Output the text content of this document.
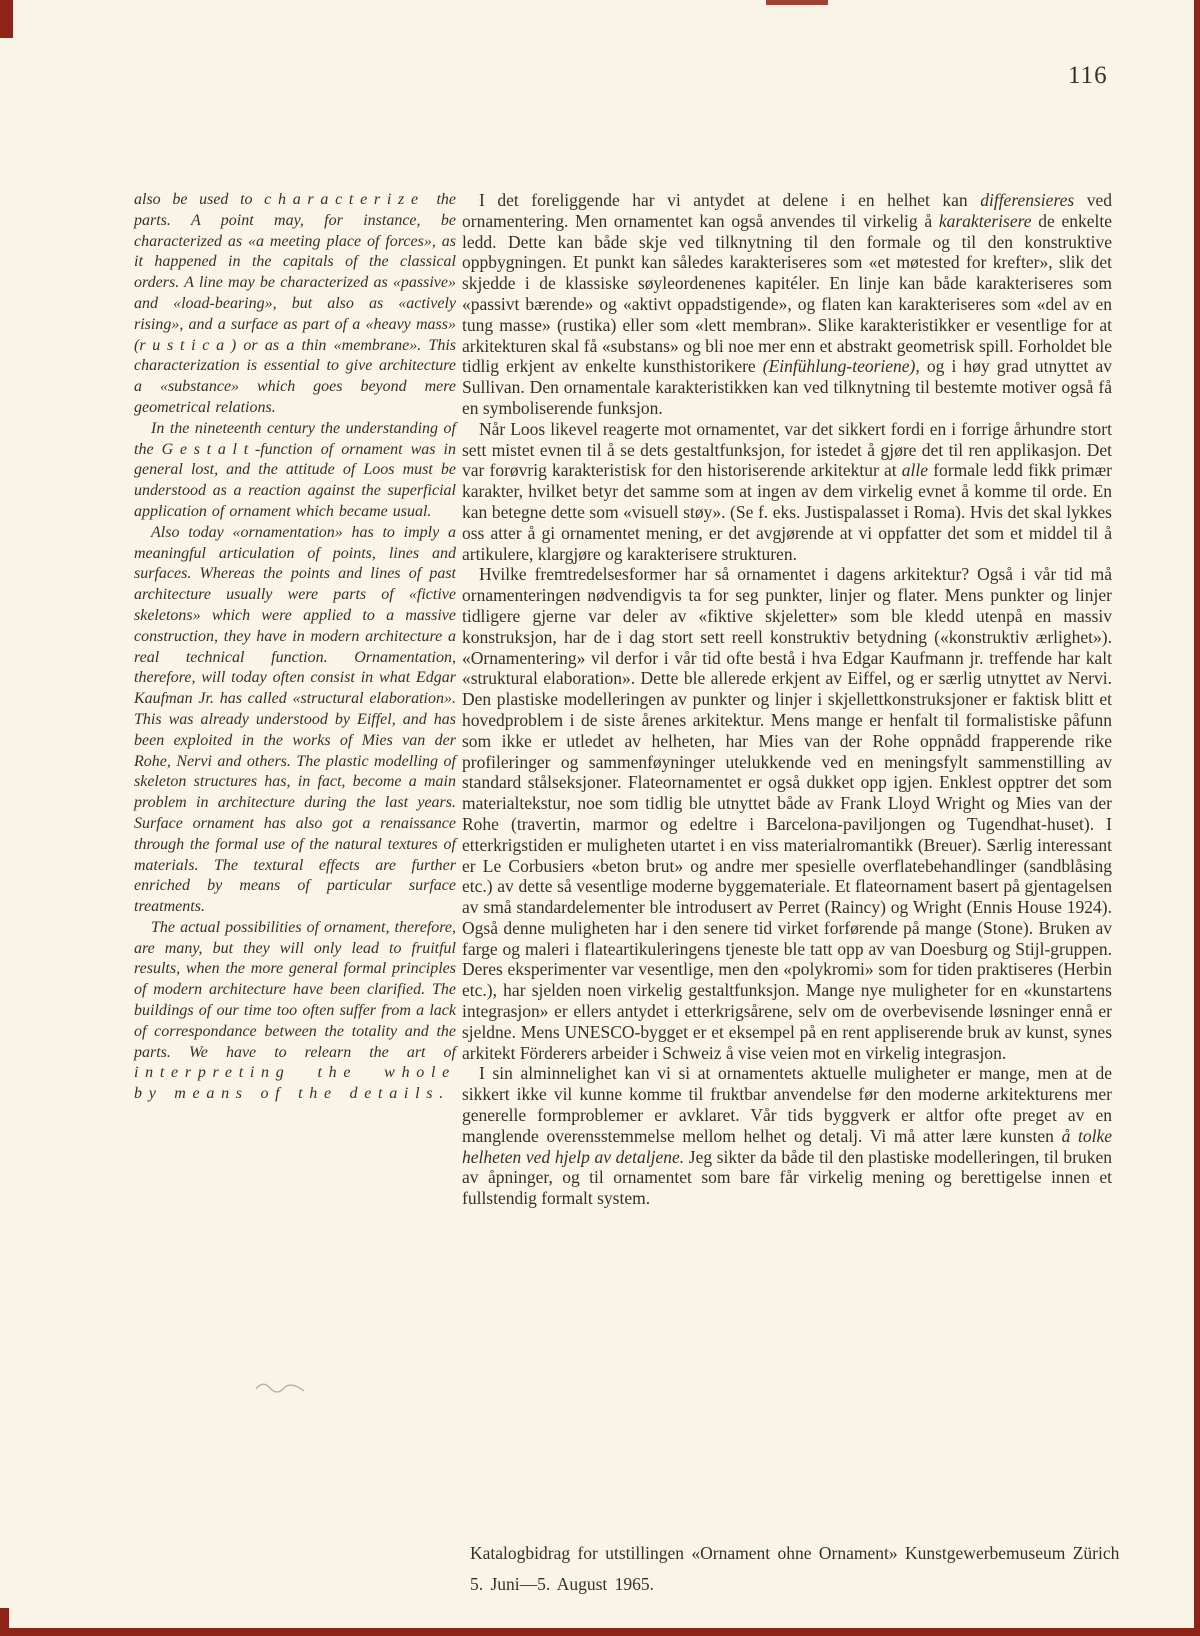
116

also be used to characterize the parts. A point may, for instance, be characterized as «a meeting place of forces», as it happened in the capitals of the classical orders. A line may be characterized as «passive» and «load-bearing», but also as «actively rising», and a surface as part of a «heavy mass» (rustica) or as a thin «membrane». This characterization is essential to give architecture a «substance» which goes beyond mere geometrical relations.

In the nineteenth century the understanding of the Gestalt-function of ornament was in general lost, and the attitude of Loos must be understood as a reaction against the superficial application of ornament which became usual.

Also today «ornamentation» has to imply a meaningful articulation of points, lines and surfaces. Whereas the points and lines of past architecture usually were parts of «fictive skeletons» which were applied to a massive construction, they have in modern architecture a real technical function. Ornamentation, therefore, will today often consist in what Edgar Kaufman Jr. has called «structural elaboration». This was already understood by Eiffel, and has been exploited in the works of Mies van der Rohe, Nervi and others. The plastic modelling of skeleton structures has, in fact, become a main problem in architecture during the last years. Surface ornament has also got a renaissance through the formal use of the natural textures of materials. The textural effects are further enriched by means of particular surface treatments.

The actual possibilities of ornament, therefore, are many, but they will only lead to fruitful results, when the more general formal principles of modern architecture have been clarified. The buildings of our time too often suffer from a lack of correspondance between the totality and the parts. We have to relearn the art of interpreting the whole by means of the details.

I det foreliggende har vi antydet at delene i en helhet kan differensieres ved ornamentering. Men ornamentet kan også anvendes til virkelig å karakterisere de enkelte ledd. Dette kan både skje ved tilknytning til den formale og til den konstruktive oppbygningen. Et punkt kan således karakteriseres som «et møtested for krefter», slik det skjedde i de klassiske søyleordenenes kapitéler. En linje kan både karakteriseres som «passivt bærende» og «aktivt oppadstigende», og flaten kan karakteriseres som «del av en tung masse» (rustika) eller som «lett membran». Slike karakteristikker er vesentlige for at arkitekturen skal få «substans» og bli noe mer enn et abstrakt geometrisk spill. Forholdet ble tidlig erkjent av enkelte kunsthistorikere (Einfühlung-teoriene), og i høy grad utnyttet av Sullivan. Den ornamentale karakteristikken kan ved tilknytning til bestemte motiver også få en symboliserende funksjon.

Når Loos likevel reagerte mot ornamentet, var det sikkert fordi en i forrige århundre stort sett mistet evnen til å se dets gestaltfunksjon, for istedet å gjøre det til ren applikasjon. Det var forøvrig karakteristisk for den historiserende arkitektur at alle formale ledd fikk primær karakter, hvilket betyr det samme som at ingen av dem virkelig evnet å komme til orde. En kan betegne dette som «visuell støy». (Se f. eks. Justispalasset i Roma). Hvis det skal lykkes oss atter å gi ornamentet mening, er det avgjørende at vi oppfatter det som et middel til å artikulere, klargjøre og karakterisere strukturen.

Hvilke fremtredelsesformer har så ornamentet i dagens arkitektur? Også i vår tid må ornamenteringen nødvendigvis ta for seg punkter, linjer og flater. Mens punkter og linjer tidligere gjerne var deler av «fiktive skjeletter» som ble kledd utenpå en massiv konstruksjon, har de i dag stort sett reell konstruktiv betydning («konstruktiv ærlighet»). «Ornamentering» vil derfor i vår tid ofte bestå i hva Edgar Kaufmann jr. treffende har kalt «struktural elaboration». Dette ble allerede erkjent av Eiffel, og er særlig utnyttet av Nervi. Den plastiske modelleringen av punkter og linjer i skjellettkonstruksjoner er faktisk blitt et hovedproblem i de siste årenes arkitektur. Mens mange er henfalt til formalistiske påfunn som ikke er utledet av helheten, har Mies van der Rohe oppnådd frapperende rike profileringer og sammenføyninger utelukkende ved en meningsfylt sammenstilling av standard stålseksjoner. Flateornamentet er også dukket opp igjen. Enklest opptrer det som materialtekstur, noe som tidlig ble utnyttet både av Frank Lloyd Wright og Mies van der Rohe (travertin, marmor og edeltre i Barcelona-paviljongen og Tugendhat-huset). I etterkrigstiden er muligheten utartet i en viss materialromantikk (Breuer). Særlig interessant er Le Corbusiers «beton brut» og andre mer spesielle overflatebehandlinger (sandblåsing etc.) av dette så vesentlige moderne byggemateriale. Et flateornament basert på gjentagelsen av små standardelementer ble introdusert av Perret (Raincy) og Wright (Ennis House 1924). Også denne muligheten har i den senere tid virket forførende på mange (Stone). Bruken av farge og maleri i flateartikuleringens tjeneste ble tatt opp av van Doesburg og Stijl-gruppen. Deres eksperimenter var vesentlige, men den «polykromi» som for tiden praktiseres (Herbin etc.), har sjelden noen virkelig gestaltfunksjon. Mange nye muligheter for en «kunstartens integrasjon» er ellers antydet i etterkrigsårene, selv om de overbevisende løsninger ennå er sjeldne. Mens UNESCO-bygget er et eksempel på en rent appliserende bruk av kunst, synes arkitekt Förderers arbeider i Schweiz å vise veien mot en virkelig integrasjon.

I sin alminnelighet kan vi si at ornamentets aktuelle muligheter er mange, men at de sikkert ikke vil kunne komme til fruktbar anvendelse før den moderne arkitekturens mer generelle formproblemer er avklaret. Vår tids byggverk er altfor ofte preget av en manglende overensstemmelse mellom helhet og detalj. Vi må atter lære kunsten å tolke helheten ved hjelp av detaljene. Jeg sikter da både til den plastiske modelleringen, til bruken av åpninger, og til ornamentet som bare får virkelig mening og berettigelse innen et fullstendig formalt system.

Katalogbidrag for utstillingen «Ornament ohne Ornament» Kunstgewerbemuseum Zürich
5. Juni—5. August 1965.
